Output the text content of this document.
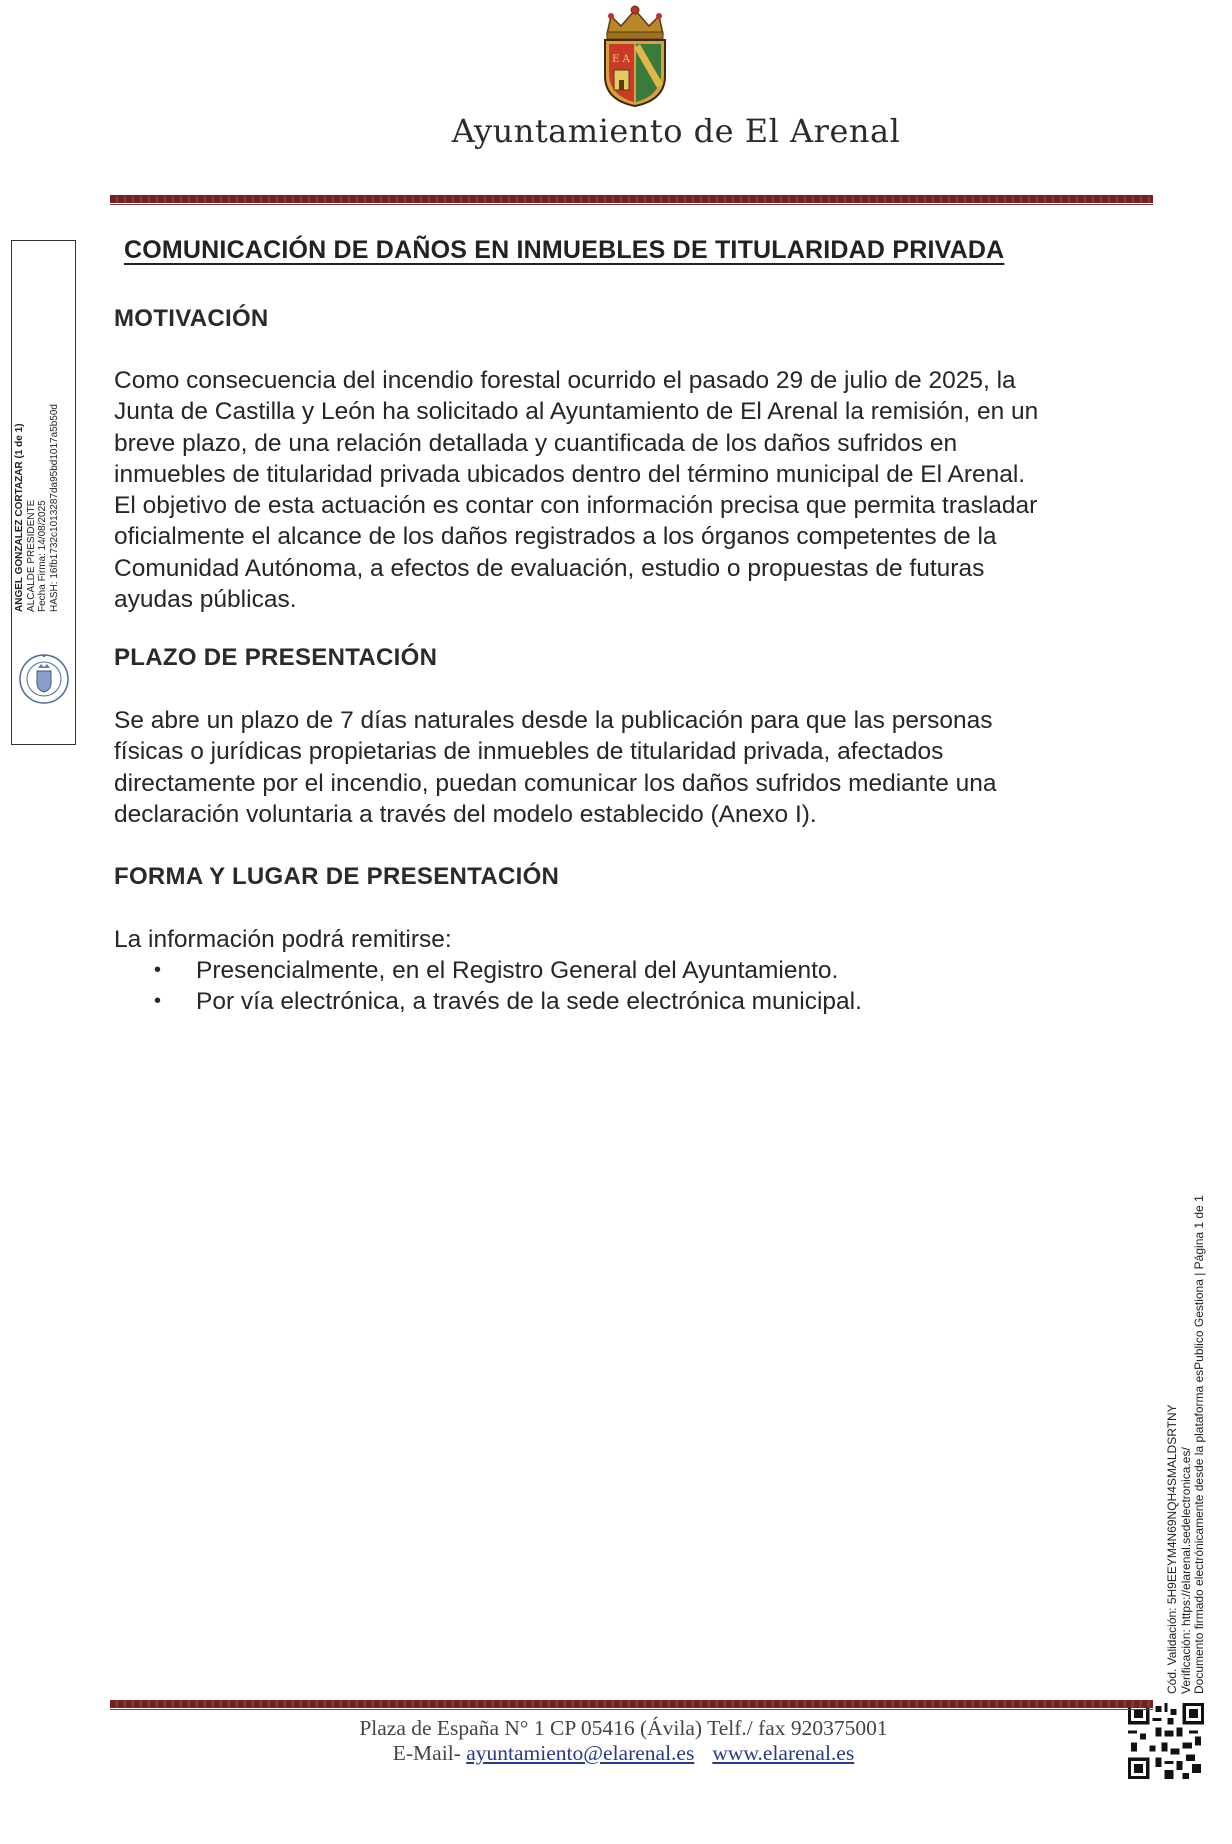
E A
Ayuntamiento de El Arenal
ANGEL GONZALEZ CORTAZAR (1 de 1) ALCALDE PRESIDENTE Fecha Firma: 14/08/2025 HASH: 16fb1732c1013287da95bd1017a5b50d
COMUNICACIÓN DE DAÑOS EN INMUEBLES DE TITULARIDAD PRIVADA
MOTIVACIÓN

Como consecuencia del incendio forestal ocurrido el pasado 29 de julio de 2025, la
Junta de Castilla y León ha solicitado al Ayuntamiento de El Arenal la remisión, en un
breve plazo, de una relación detallada y cuantificada de los daños sufridos en
inmuebles de titularidad privada ubicados dentro del término municipal de El Arenal.
El objetivo de esta actuación es contar con información precisa que permita trasladar
oficialmente el alcance de los daños registrados a los órganos competentes de la
Comunidad Autónoma, a efectos de evaluación, estudio o propuestas de futuras
ayudas públicas.

PLAZO DE PRESENTACIÓN

Se abre un plazo de 7 días naturales desde la publicación para que las personas
físicas o jurídicas propietarias de inmuebles de titularidad privada, afectados
directamente por el incendio, puedan comunicar los daños sufridos mediante una
declaración voluntaria a través del modelo establecido (Anexo I).

FORMA Y LUGAR DE PRESENTACIÓN

La información podrá remitirse:

• Presencialmente, en el Registro General del Ayuntamiento.
• Por vía electrónica, a través de la sede electrónica municipal.
Cód. Validación: 5H9EEYM4N69NQH4SMALDSRTNY Verificación: https://elarenal.sedelectronica.es/ Documento firmado electrónicamente desde la plataforma esPublico Gestiona | Página 1 de 1
Plaza de España N° 1 CP 05416 (Ávila) Telf./ fax 920375001
E-Mail- ayuntamiento@elarenal.es www.elarenal.es
